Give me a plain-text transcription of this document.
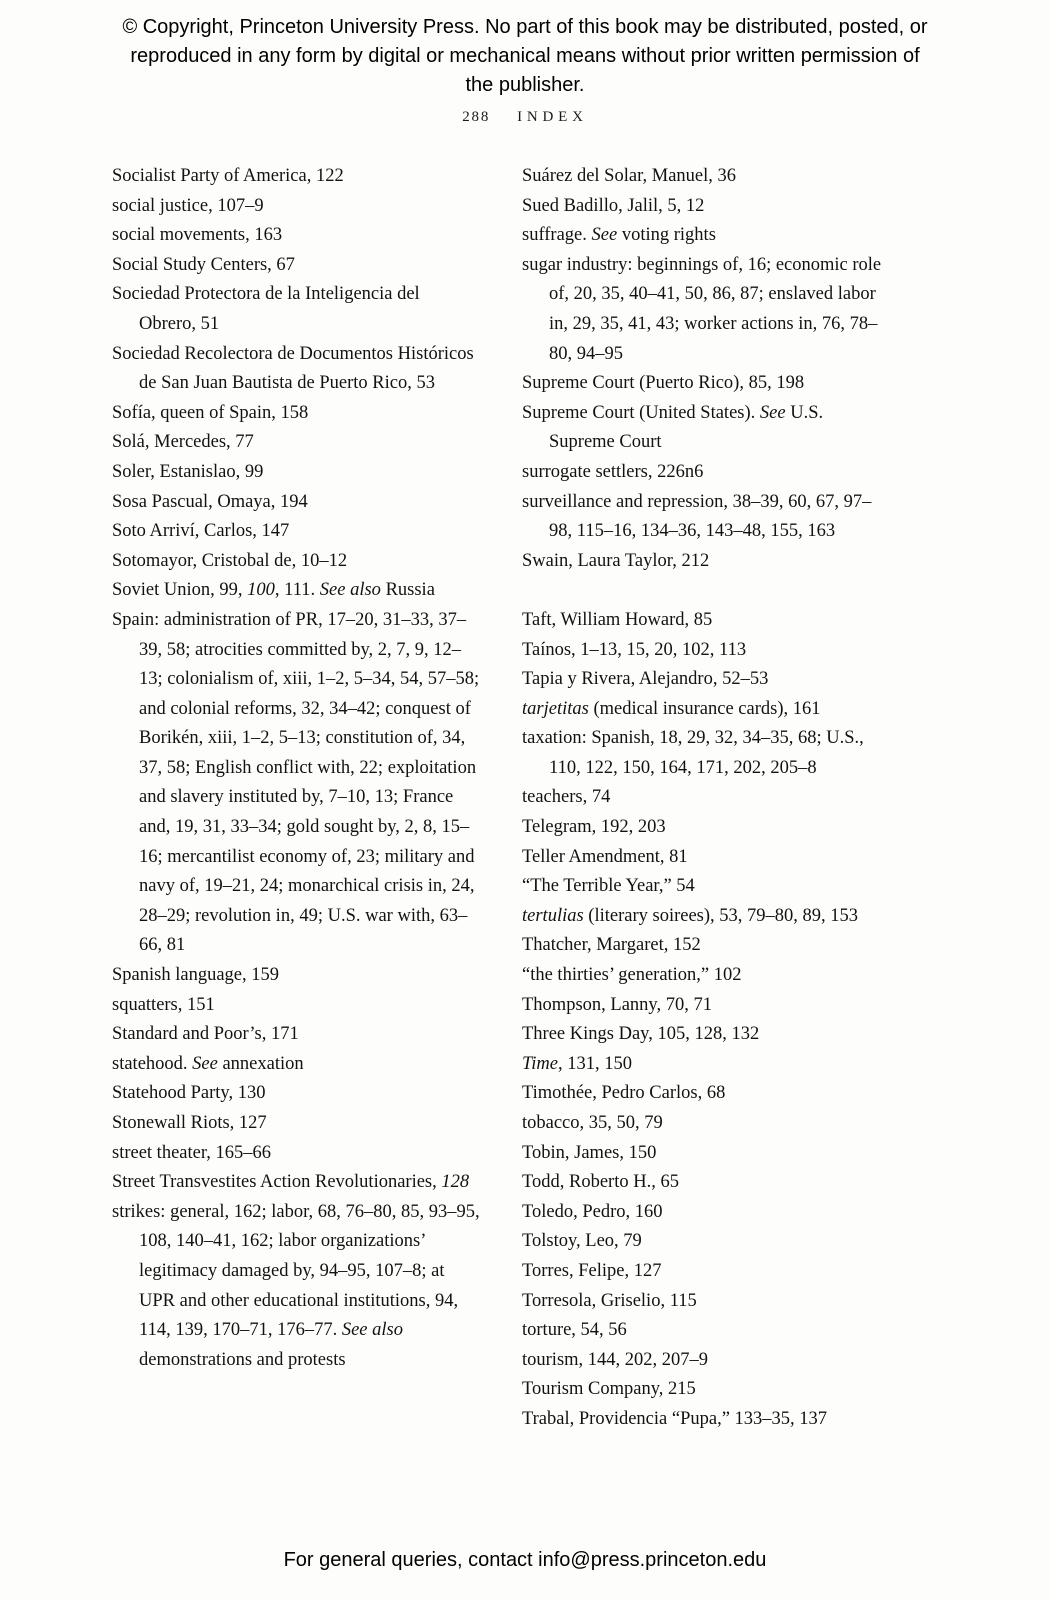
© Copyright, Princeton University Press. No part of this book may be distributed, posted, or reproduced in any form by digital or mechanical means without prior written permission of the publisher.
288 INDEX
Socialist Party of America, 122
social justice, 107–9
social movements, 163
Social Study Centers, 67
Sociedad Protectora de la Inteligencia del Obrero, 51
Sociedad Recolectora de Documentos Históricos de San Juan Bautista de Puerto Rico, 53
Sofía, queen of Spain, 158
Solá, Mercedes, 77
Soler, Estanislao, 99
Sosa Pascual, Omaya, 194
Soto Arriví, Carlos, 147
Sotomayor, Cristobal de, 10–12
Soviet Union, 99, 100, 111. See also Russia
Spain: administration of PR, 17–20, 31–33, 37–39, 58; atrocities committed by, 2, 7, 9, 12–13; colonialism of, xiii, 1–2, 5–34, 54, 57–58; and colonial reforms, 32, 34–42; conquest of Borikén, xiii, 1–2, 5–13; constitution of, 34, 37, 58; English conflict with, 22; exploitation and slavery instituted by, 7–10, 13; France and, 19, 31, 33–34; gold sought by, 2, 8, 15–16; mercantilist economy of, 23; military and navy of, 19–21, 24; monarchical crisis in, 24, 28–29; revolution in, 49; U.S. war with, 63–66, 81
Spanish language, 159
squatters, 151
Standard and Poor’s, 171
statehood. See annexation
Statehood Party, 130
Stonewall Riots, 127
street theater, 165–66
Street Transvestites Action Revolutionaries, 128
strikes: general, 162; labor, 68, 76–80, 85, 93–95, 108, 140–41, 162; labor organizations’ legitimacy damaged by, 94–95, 107–8; at UPR and other educational institutions, 94, 114, 139, 170–71, 176–77. See also demonstrations and protests
Suárez del Solar, Manuel, 36
Sued Badillo, Jalil, 5, 12
suffrage. See voting rights
sugar industry: beginnings of, 16; economic role of, 20, 35, 40–41, 50, 86, 87; enslaved labor in, 29, 35, 41, 43; worker actions in, 76, 78–80, 94–95
Supreme Court (Puerto Rico), 85, 198
Supreme Court (United States). See U.S. Supreme Court
surrogate settlers, 226n6
surveillance and repression, 38–39, 60, 67, 97–98, 115–16, 134–36, 143–48, 155, 163
Swain, Laura Taylor, 212
Taft, William Howard, 85
Taínos, 1–13, 15, 20, 102, 113
Tapia y Rivera, Alejandro, 52–53
tarjetitas (medical insurance cards), 161
taxation: Spanish, 18, 29, 32, 34–35, 68; U.S., 110, 122, 150, 164, 171, 202, 205–8
teachers, 74
Telegram, 192, 203
Teller Amendment, 81
“The Terrible Year,” 54
tertulias (literary soirees), 53, 79–80, 89, 153
Thatcher, Margaret, 152
“the thirties’ generation,” 102
Thompson, Lanny, 70, 71
Three Kings Day, 105, 128, 132
Time, 131, 150
Timothée, Pedro Carlos, 68
tobacco, 35, 50, 79
Tobin, James, 150
Todd, Roberto H., 65
Toledo, Pedro, 160
Tolstoy, Leo, 79
Torres, Felipe, 127
Torresola, Griselio, 115
torture, 54, 56
tourism, 144, 202, 207–9
Tourism Company, 215
Trabal, Providencia “Pupa,” 133–35, 137
For general queries, contact info@press.princeton.edu
